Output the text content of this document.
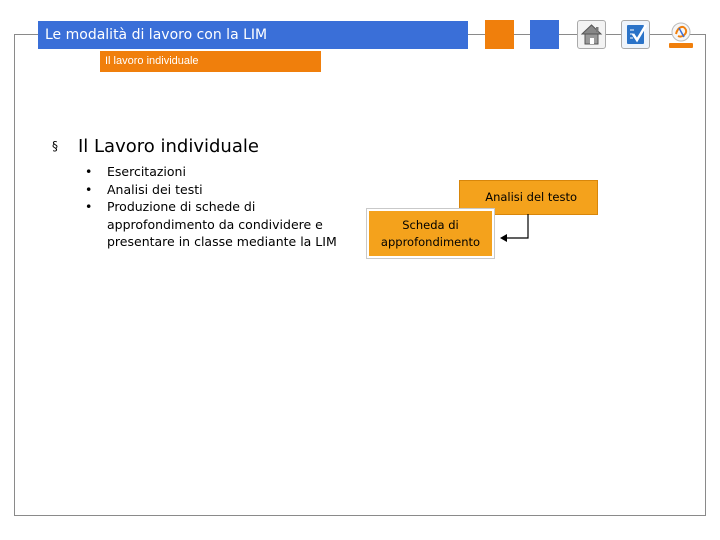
Le modalità di lavoro con la LIM
Il lavoro individuale
§ Il Lavoro individuale
• Esercitazioni
• Analisi dei testi
• Produzione di schede di approfondimento da condividere e presentare in classe mediante la LIM
Analisi del testo
Scheda di
approfondimento
